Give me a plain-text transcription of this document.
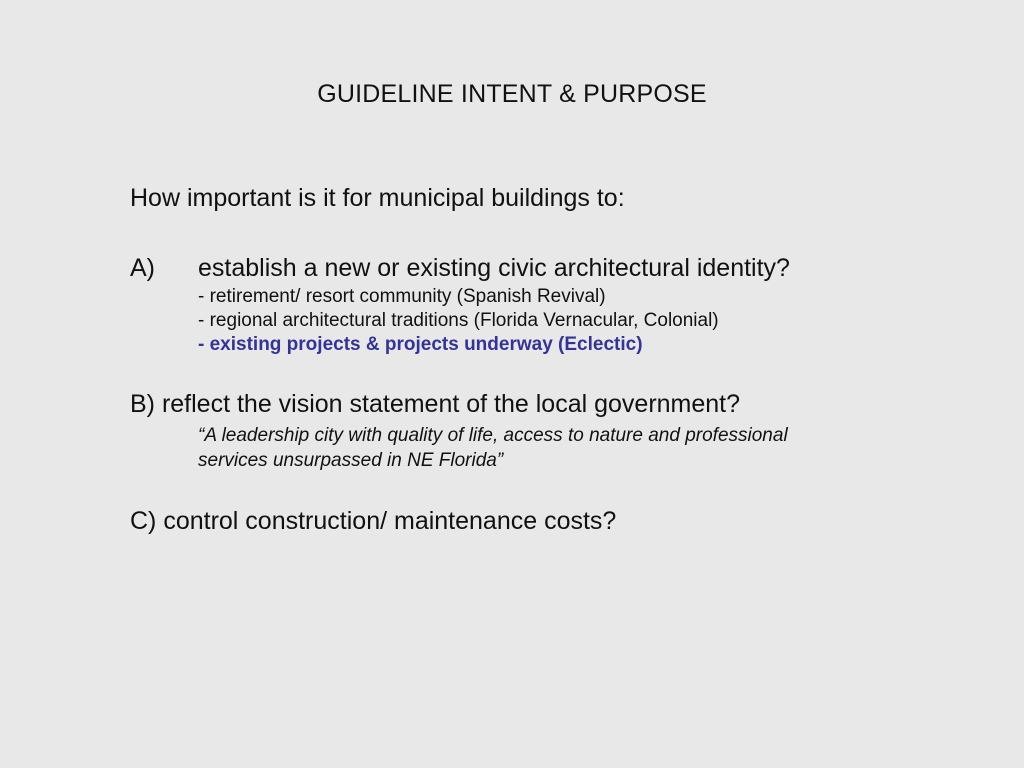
GUIDELINE INTENT & PURPOSE
How important is it for municipal buildings to:
A) establish a new or existing civic architectural identity?
- retirement/ resort community (Spanish Revival)
- regional architectural traditions (Florida Vernacular, Colonial)
- existing projects & projects underway (Eclectic)
B) reflect the vision statement of the local government?
“A leadership city with quality of life, access to nature and professional
services unsurpassed in NE Florida”
C) control construction/ maintenance costs?
